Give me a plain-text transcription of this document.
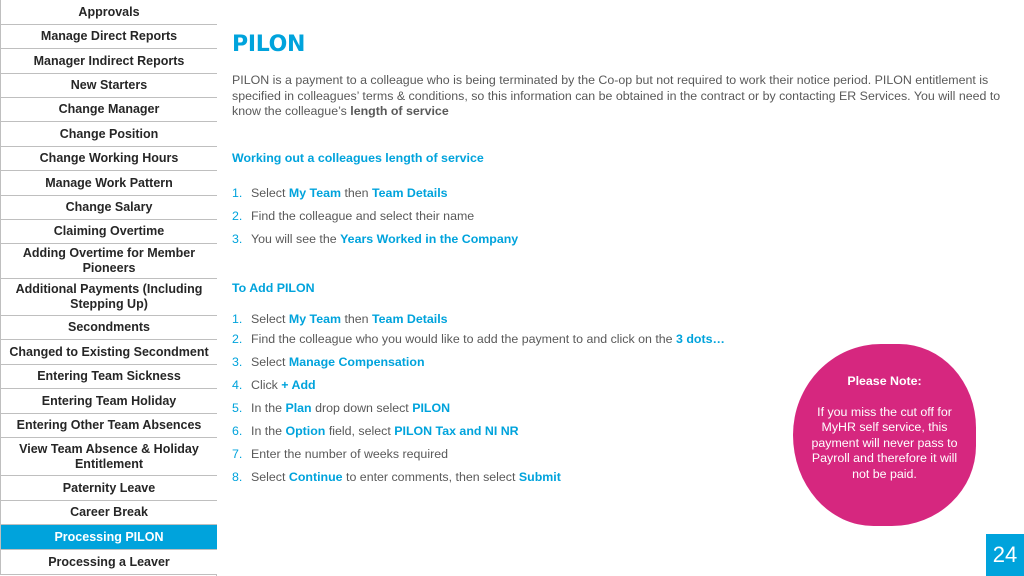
Approvals
Manage Direct Reports
Manager Indirect Reports
New Starters
Change Manager
Change Position
Change Working Hours
Manage Work Pattern
Change Salary
Claiming Overtime
Adding Overtime for Member Pioneers
Additional Payments (Including Stepping Up)
Secondments
Changed to Existing Secondment
Entering Team Sickness
Entering Team Holiday
Entering Other Team Absences
View Team Absence & Holiday Entitlement
Paternity Leave
Career Break
Processing PILON
Processing a Leaver
PILON

PILON is a payment to a colleague who is being terminated by the Co-op but not required to work their notice period. PILON entitlement is specified in colleagues’ terms & conditions, so this information can be obtained in the contract or by contacting ER Services. You will need to know the colleague’s length of service

Working out a colleagues length of service
1. Select My Team then Team Details
2. Find the colleague and select their name
3. You will see the Years Worked in the Company
To Add PILON
1. Select My Team then Team Details
2. Find the colleague who you would like to add the payment to and click on the 3 dots…
3. Select Manage Compensation
4. Click + Add
5. In the Plan drop down select PILON
6. In the Option field, select PILON Tax and NI NR
7. Enter the number of weeks required
8. Select Continue to enter comments, then select Submit
Please Note:
If you miss the cut off for MyHR self service, this payment will never pass to Payroll and therefore it will not be paid.
24
